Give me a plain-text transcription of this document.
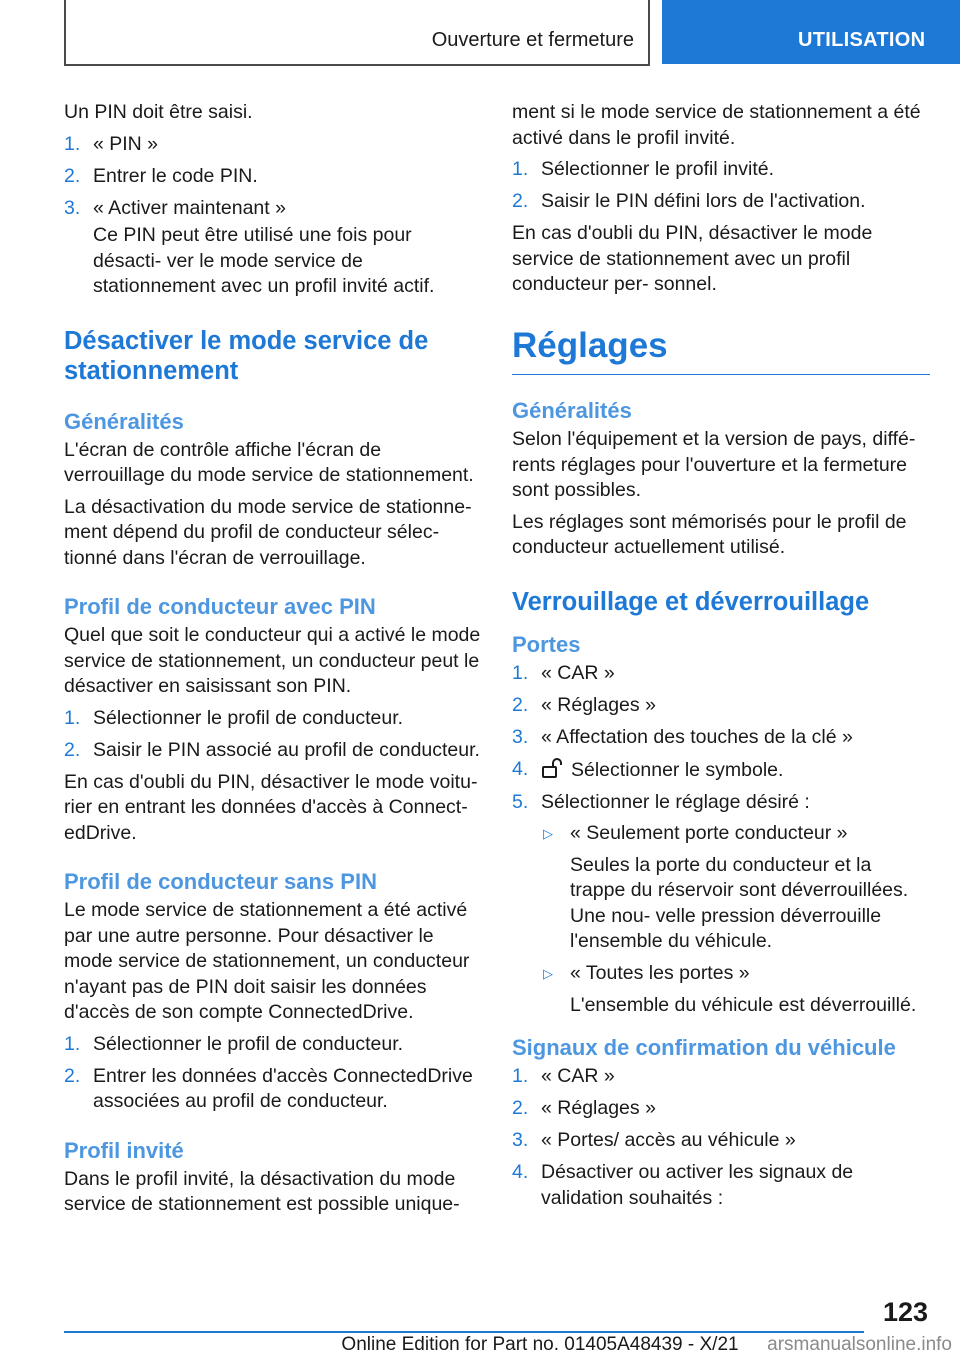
Ouverture et fermeture	UTILISATION

Un PIN doit être saisi.

1. « PIN »
2. Entrer le code PIN.
3. « Activer maintenant »
Ce PIN peut être utilisé une fois pour désacti‐ ver le mode service de stationnement avec un profil invité actif.
Désactiver le mode service de stationnement
Généralités

L'écran de contrôle affiche l'écran de verrouillage du mode service de stationnement.

La désactivation du mode service de stationne‐ ment dépend du profil de conducteur sélec‐ tionné dans l'écran de verrouillage.

Profil de conducteur avec PIN

Quel que soit le conducteur qui a activé le mode service de stationnement, un conducteur peut le désactiver en saisissant son PIN.

1. Sélectionner le profil de conducteur.
2. Saisir le PIN associé au profil de conducteur.

En cas d'oubli du PIN, désactiver le mode voitu‐ rier en entrant les données d'accès à Connect‐ edDrive.

Profil de conducteur sans PIN

Le mode service de stationnement a été activé par une autre personne. Pour désactiver le mode service de stationnement, un conducteur n'ayant pas de PIN doit saisir les données d'accès de son compte ConnectedDrive.

1. Sélectionner le profil de conducteur.
2. Entrer les données d'accès ConnectedDrive associées au profil de conducteur.
Profil invité

Dans le profil invité, la désactivation du mode service de stationnement est possible unique‐

ment si le mode service de stationnement a été activé dans le profil invité.

1. Sélectionner le profil invité.
2. Saisir le PIN défini lors de l'activation.

En cas d'oubli du PIN, désactiver le mode service de stationnement avec un profil conducteur per‐ sonnel.

Réglages
Généralités

Selon l'équipement et la version de pays, diffé‐ rents réglages pour l'ouverture et la fermeture sont possibles.

Les réglages sont mémorisés pour le profil de conducteur actuellement utilisé.

Verrouillage et déverrouillage
Portes
1. « CAR »
2. « Réglages »
3. « Affectation des touches de la clé »
4. Sélectionner le symbole.
5. Sélectionner le réglage désiré :
▷ « Seulement porte conducteur »
Seules la porte du conducteur et la trappe du réservoir sont déverrouillées. Une nou‐ velle pression déverrouille l'ensemble du véhicule.
▷ « Toutes les portes »
L'ensemble du véhicule est déverrouillé.
Signaux de confirmation du véhicule
1. « CAR »
2. « Réglages »
3. « Portes/ accès au véhicule »
4. Désactiver ou activer les signaux de validation souhaités :
123
Online Edition for Part no. 01405A48439 - X/21	arsmanualsonline.info
